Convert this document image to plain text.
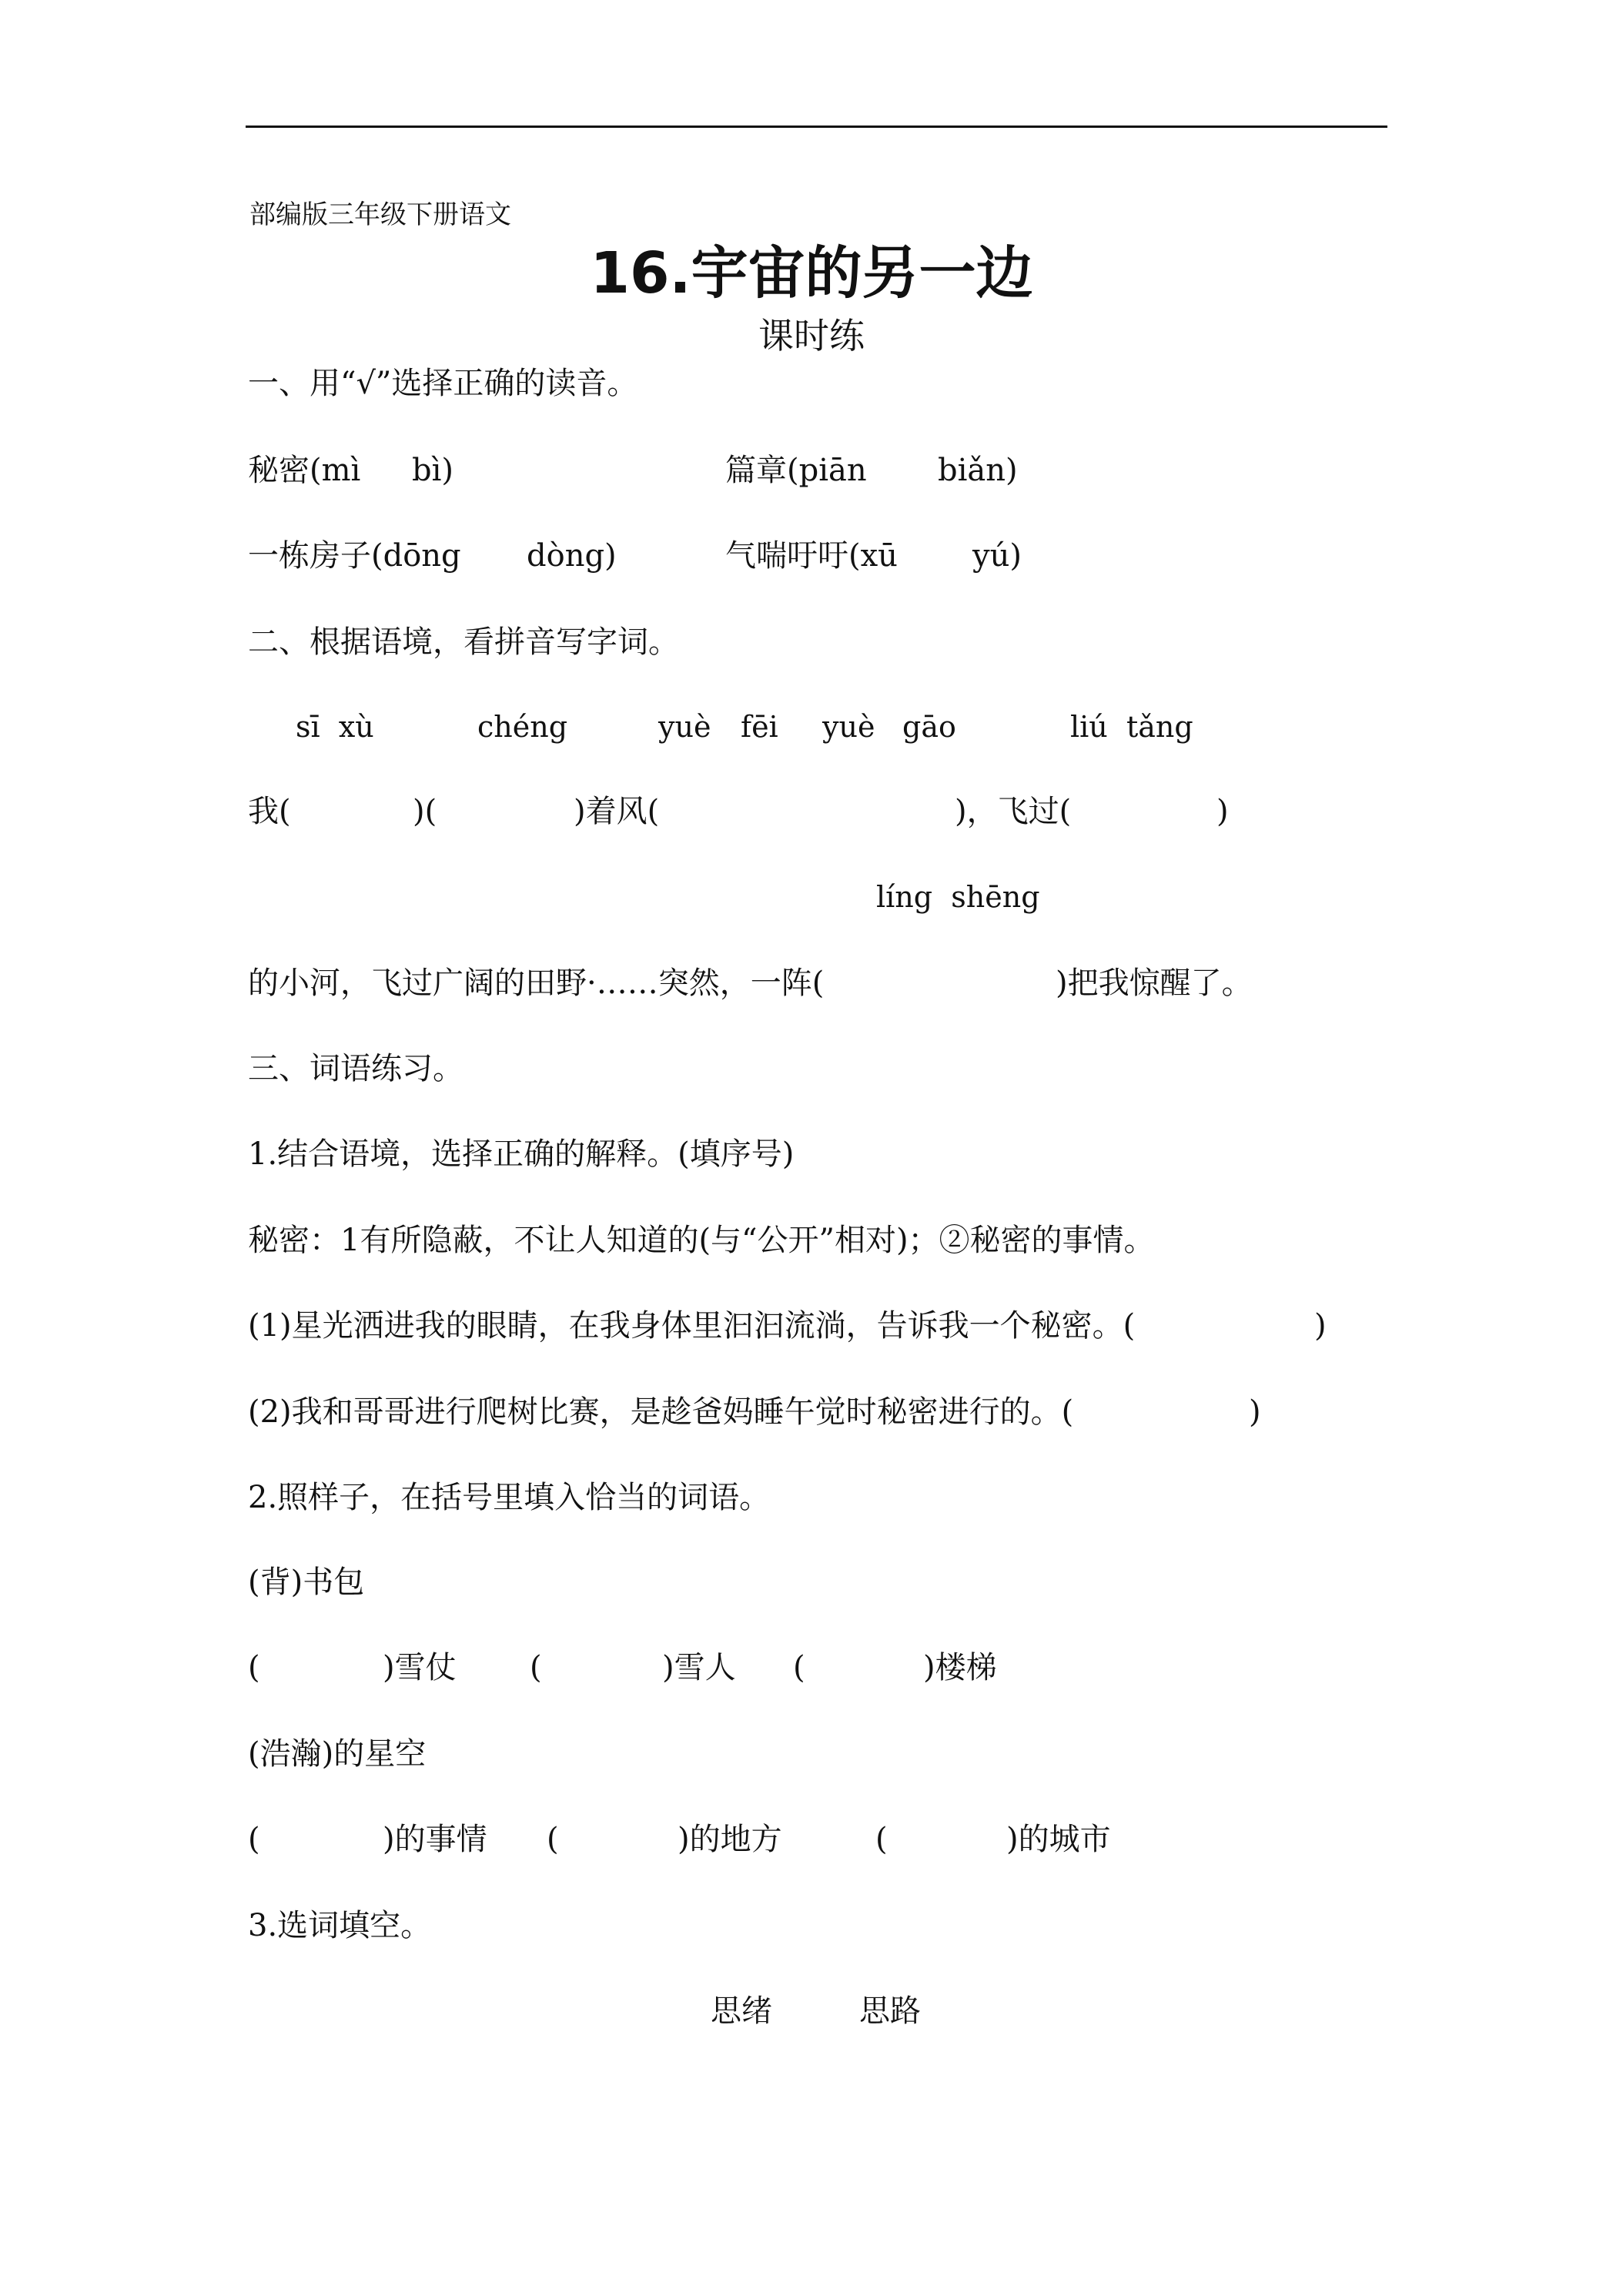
部编版三年级下册语文
16.宇宙的另一边
课时练
一、用“√”选择正确的读音。
秘密(mì bì)	篇章(piān biǎn)
一栋房子(dōng dòng)	气喘吁吁(xū yú)
二、根据语境，看拼音写字词。
sī  xù	chéng	yuè fēi yuè gāo	liú  tǎng
我(	)(	)着风(	)，飞过(	)
líng  shēng
的小河，飞过广阔的田野·……突然，一阵(	)把我惊醒了。
三、词语练习。
1.结合语境，选择正确的解释。(填序号)
秘密：1有所隐蔽，不让人知道的(与“公开”相对)；②秘密的事情。
(1)星光洒进我的眼睛，在我身体里汩汩流淌，告诉我一个秘密。(	)
(2)我和哥哥进行爬树比赛，是趁爸妈睡午觉时秘密进行的。(	)
2.照样子，在括号里填入恰当的词语。
(背)书包
(	)雪仗 (	)雪人 (	)楼梯
(浩瀚)的星空
(	)的事情 (	)的地方	(	)的城市
3.选词填空。
思绪	思路
